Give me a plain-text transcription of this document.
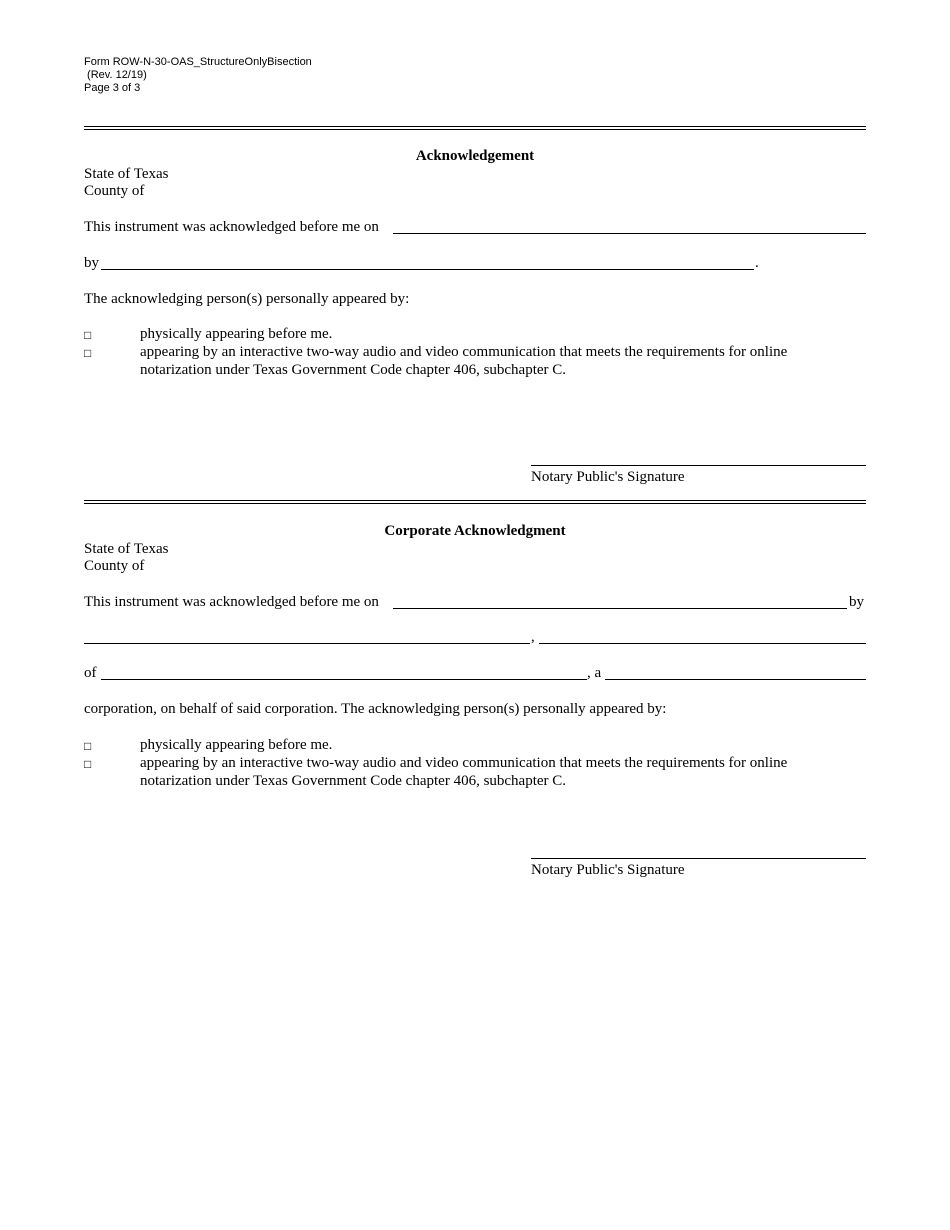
Form ROW-N-30-OAS_StructureOnlyBisection
(Rev. 12/19)
Page 3 of 3
Acknowledgement
State of Texas
County of
This instrument was acknowledged before me on
by	.
The acknowledging person(s) personally appeared by:
□	physically appearing before me.
□	appearing by an interactive two-way audio and video communication that meets the requirements for online notarization under Texas Government Code chapter 406, subchapter C.
Notary Public's Signature
Corporate Acknowledgment
State of Texas
County of
This instrument was acknowledged before me on	by
,
of	, a
corporation, on behalf of said corporation. The acknowledging person(s) personally appeared by:
□	physically appearing before me.
□	appearing by an interactive two-way audio and video communication that meets the requirements for online notarization under Texas Government Code chapter 406, subchapter C.
Notary Public's Signature
